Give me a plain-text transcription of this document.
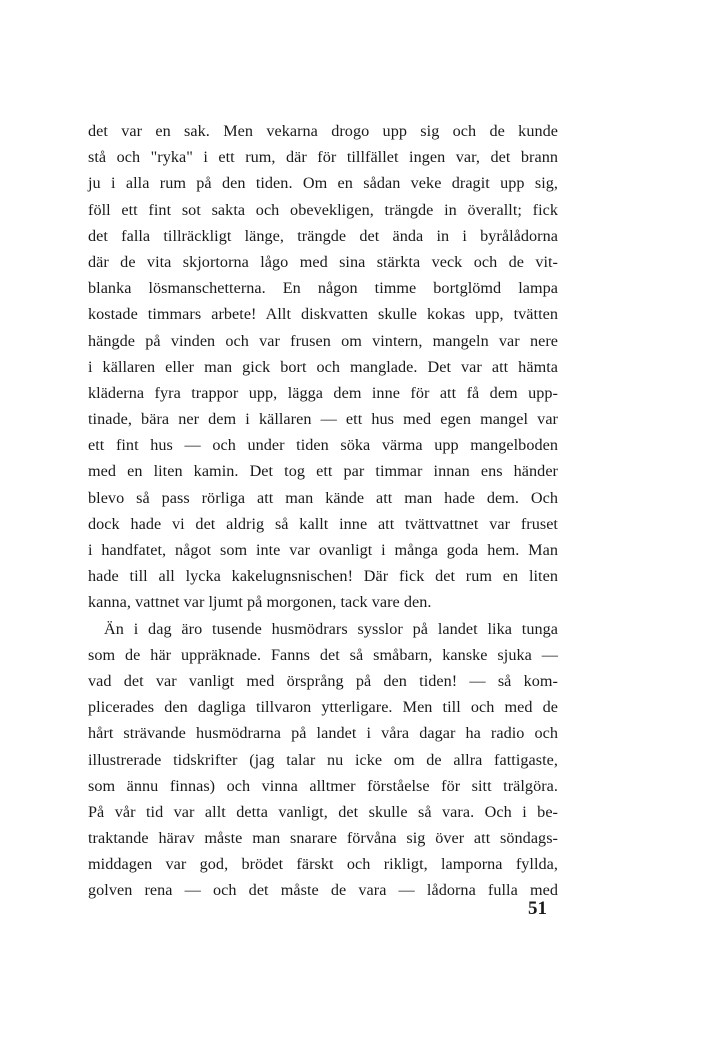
det var en sak. Men vekarna drogo upp sig och de kunde
stå och "ryka" i ett rum, där för tillfället ingen var, det brann
ju i alla rum på den tiden. Om en sådan veke dragit upp sig,
föll ett fint sot sakta och obevekligen, trängde in överallt; fick
det falla tillräckligt länge, trängde det ända in i byrålådorna
där de vita skjortorna lågo med sina stärkta veck och de vit-
blanka lösmanschetterna. En någon timme bortglömd lampa
kostade timmars arbete! Allt diskvatten skulle kokas upp, tvätten
hängde på vinden och var frusen om vintern, mangeln var nere
i källaren eller man gick bort och manglade. Det var att hämta
kläderna fyra trappor upp, lägga dem inne för att få dem upp-
tinade, bära ner dem i källaren — ett hus med egen mangel var
ett fint hus — och under tiden söka värma upp mangelboden
med en liten kamin. Det tog ett par timmar innan ens händer
blevo så pass rörliga att man kände att man hade dem. Och
dock hade vi det aldrig så kallt inne att tvättvattnet var fruset
i handfatet, något som inte var ovanligt i många goda hem. Man
hade till all lycka kakelugnsnischen! Där fick det rum en liten
kanna, vattnet var ljumt på morgonen, tack vare den.
Än i dag äro tusende husmödrars sysslor på landet lika tunga
som de här uppräknade. Fanns det så småbarn, kanske sjuka —
vad det var vanligt med örsprång på den tiden! — så kom-
plicerades den dagliga tillvaron ytterligare. Men till och med de
hårt strävande husmödrarna på landet i våra dagar ha radio och
illustrerade tidskrifter (jag talar nu icke om de allra fattigaste,
som ännu finnas) och vinna alltmer förståelse för sitt trälgöra.
På vår tid var allt detta vanligt, det skulle så vara. Och i be-
traktande härav måste man snarare förvåna sig över att söndags-
middagen var god, brödet färskt och rikligt, lamporna fyllda,
golven rena — och det måste de vara — lådorna fulla med
51
